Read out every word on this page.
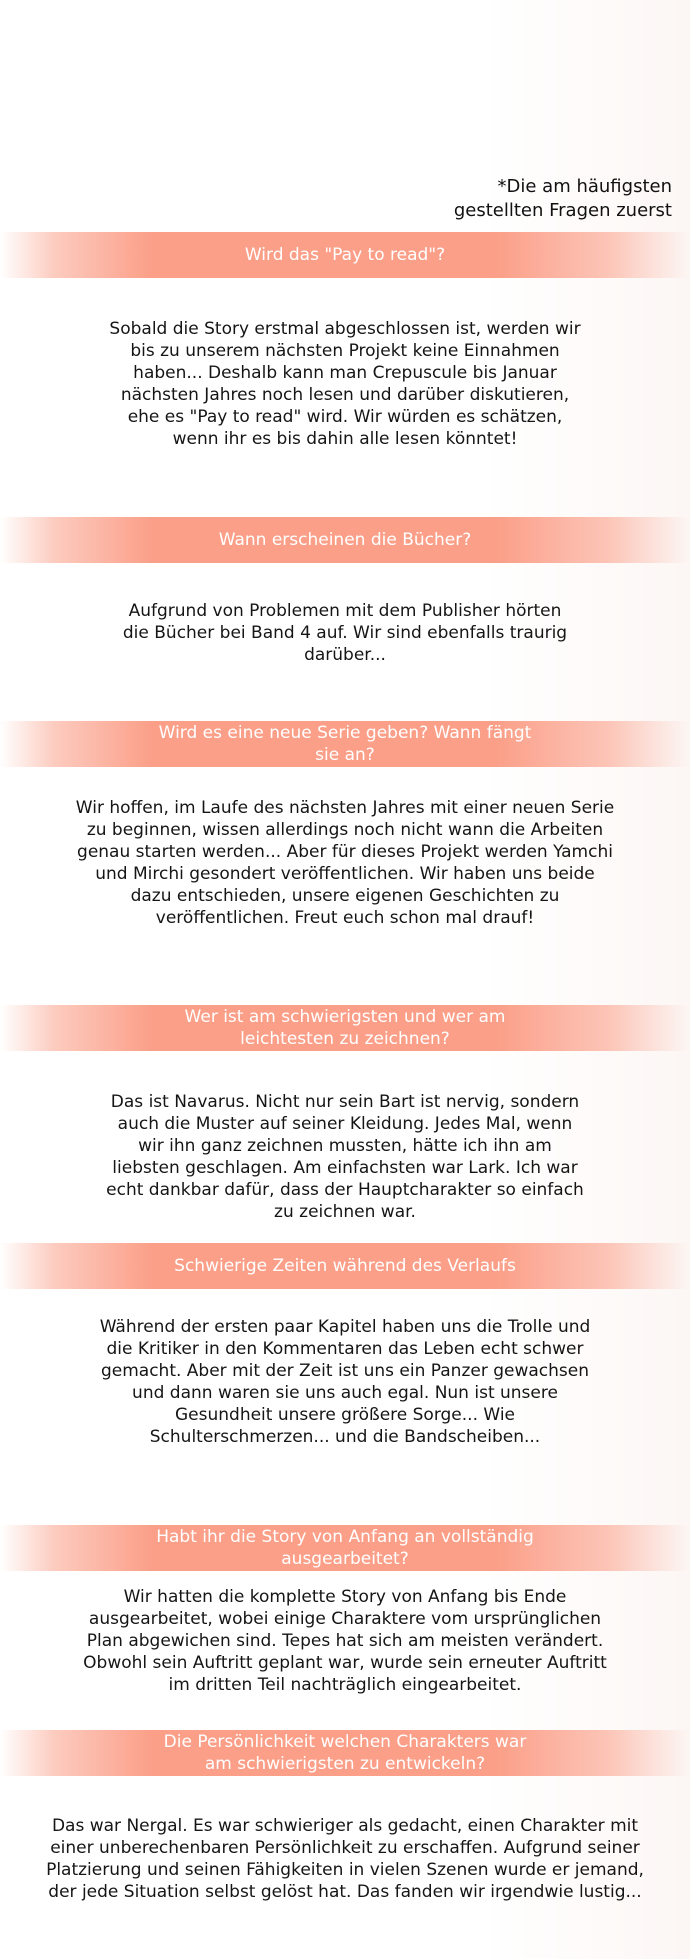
*Die am häufigsten gestellten Fragen zuerst
Wird das "Pay to read"?
Sobald die Story erstmal abgeschlossen ist, werden wir bis zu unserem nächsten Projekt keine Einnahmen haben... Deshalb kann man Crepuscule bis Januar nächsten Jahres noch lesen und darüber diskutieren, ehe es "Pay to read" wird. Wir würden es schätzen, wenn ihr es bis dahin alle lesen könntet!
Wann erscheinen die Bücher?
Aufgrund von Problemen mit dem Publisher hörten die Bücher bei Band 4 auf. Wir sind ebenfalls traurig darüber...
Wird es eine neue Serie geben? Wann fängt sie an?
Wir hoffen, im Laufe des nächsten Jahres mit einer neuen Serie zu beginnen, wissen allerdings noch nicht wann die Arbeiten genau starten werden... Aber für dieses Projekt werden Yamchi und Mirchi gesondert veröffentlichen. Wir haben uns beide dazu entschieden, unsere eigenen Geschichten zu veröffentlichen. Freut euch schon mal drauf!
Wer ist am schwierigsten und wer am leichtesten zu zeichnen?
Das ist Navarus. Nicht nur sein Bart ist nervig, sondern auch die Muster auf seiner Kleidung. Jedes Mal, wenn wir ihn ganz zeichnen mussten, hätte ich ihn am liebsten geschlagen. Am einfachsten war Lark. Ich war echt dankbar dafür, dass der Hauptcharakter so einfach zu zeichnen war.
Schwierige Zeiten während des Verlaufs
Während der ersten paar Kapitel haben uns die Trolle und die Kritiker in den Kommentaren das Leben echt schwer gemacht. Aber mit der Zeit ist uns ein Panzer gewachsen und dann waren sie uns auch egal. Nun ist unsere Gesundheit unsere größere Sorge... Wie Schulterschmerzen... und die Bandscheiben...
Habt ihr die Story von Anfang an vollständig ausgearbeitet?
Wir hatten die komplette Story von Anfang bis Ende ausgearbeitet, wobei einige Charaktere vom ursprünglichen Plan abgewichen sind. Tepes hat sich am meisten verändert. Obwohl sein Auftritt geplant war, wurde sein erneuter Auftritt im dritten Teil nachträglich eingearbeitet.
Die Persönlichkeit welchen Charakters war am schwierigsten zu entwickeln?
Das war Nergal. Es war schwieriger als gedacht, einen Charakter mit einer unberechenbaren Persönlichkeit zu erschaffen. Aufgrund seiner Platzierung und seinen Fähigkeiten in vielen Szenen wurde er jemand, der jede Situation selbst gelöst hat. Das fanden wir irgendwie lustig...
